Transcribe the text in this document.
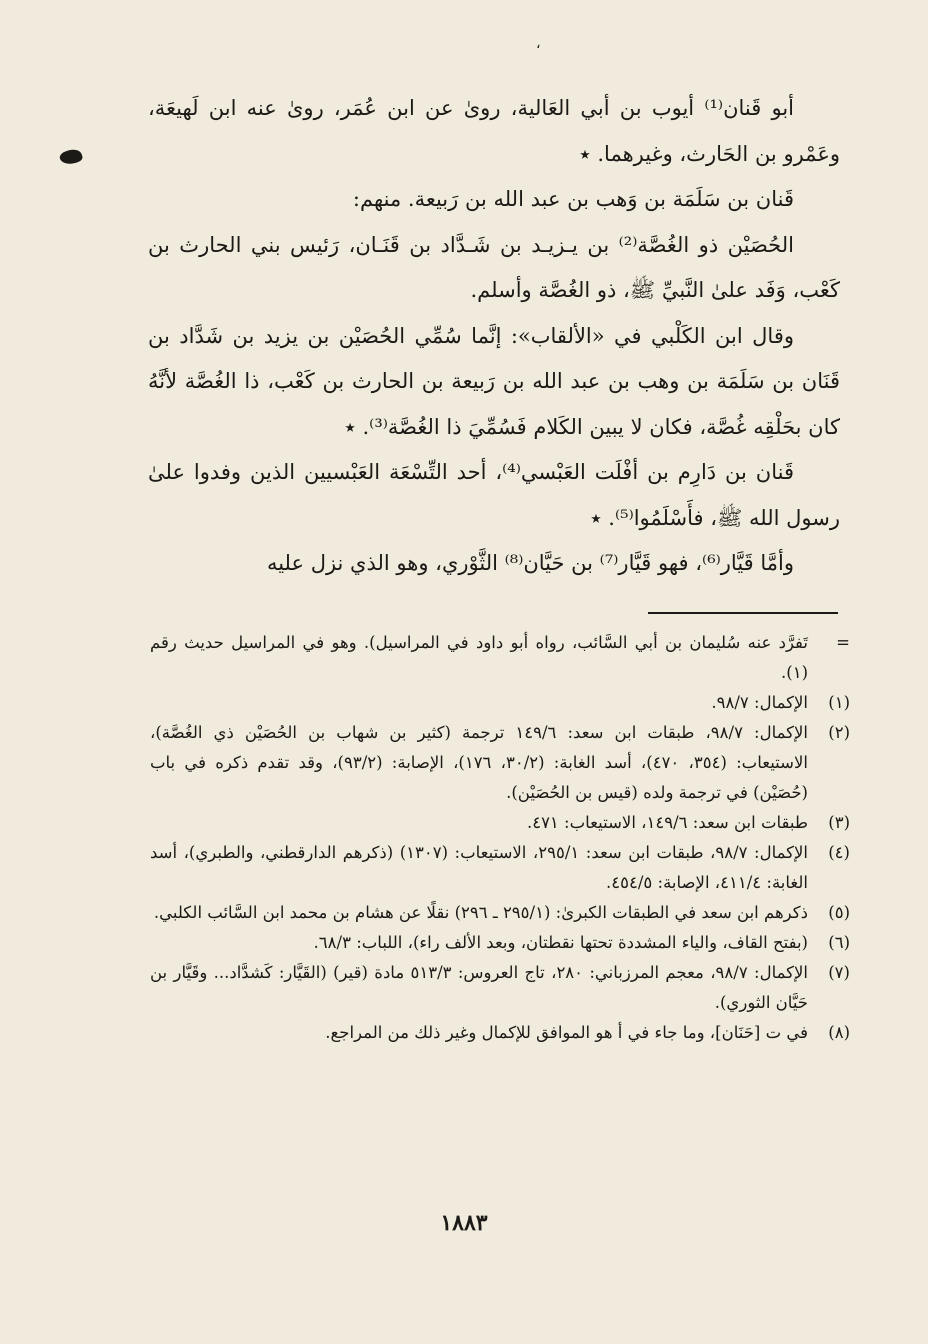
،

أبو قَنان⁽¹⁾ أيوب بن أبي العَالية، روىٰ عن ابن عُمَر، روىٰ عنه ابن لَهيعَة، وعَمْرو بن الحَارث، وغيرهما. ٭

قَنان بن سَلَمَة بن وَهب بن عبد الله بن رَبيعة. منهم:

الحُصَيْن ذو الغُصَّة⁽²⁾ بن يـزيـد بن شَـدَّاد بن قَنَـان، رَئيس بني الحارث بن كَعْب، وَفَد علىٰ النَّبيِّ ﷺ، ذو الغُصَّة وأسلم.

وقال ابن الكَلْبي في «الألقاب»: إنَّما سُمِّي الحُصَيْن بن يزيد بن شَدَّاد بن قَنَان بن سَلَمَة بن وهب بن عبد الله بن رَبيعة بن الحارث بن كَعْب، ذا الغُصَّة لأنَّهُ كان بحَلْقِه غُصَّة، فكان لا يبين الكَلام فَسُمِّيَ ذا الغُصَّة⁽³⁾. ٭

قَنان بن دَارِم بن أفْلَت العَبْسي⁽⁴⁾، أحد التِّسْعَة العَبْسيين الذين وفدوا علىٰ رسول الله ﷺ، فأَسْلَمُوا⁽⁵⁾. ٭

وأمَّا قَيَّار⁽⁶⁾، فهو قَيَّار⁽⁷⁾ بن حَيَّان⁽⁸⁾ الثَّوْري، وهو الذي نزل عليه

=تَفرَّد عنه سُليمان بن أبي السَّائب، رواه أبو داود في المراسيل). وهو في المراسيل حديث رقم (١).

(١)الإكمال: ٩٨/٧.

(٢)الإكمال: ٩٨/٧، طبقات ابن سعد: ١٤٩/٦ ترجمة (كثير بن شهاب بن الحُصَيْن ذي الغُصَّة)، الاستيعاب: (٣٥٤، ٤٧٠)، أسد الغابة: (٣٠/٢، ١٧٦)، الإصابة: (٩٣/٢)، وقد تقدم ذكره في باب (حُصَيْن) في ترجمة ولده (قيس بن الحُصَيْن).

(٣)طبقات ابن سعد: ١٤٩/٦، الاستيعاب: ٤٧١.

(٤)الإكمال: ٩٨/٧، طبقات ابن سعد: ٢٩٥/١، الاستيعاب: (١٣٠٧) (ذكرهم الدارقطني، والطبري)، أسد الغابة: ٤١١/٤، الإصابة: ٤٥٤/٥.

(٥)ذكرهم ابن سعد في الطبقات الكبرىٰ: (٢٩٥/١ ـ ٢٩٦) نقلًا عن هشام بن محمد ابن السَّائب الكلبي.

(٦)(بفتح القاف، والياء المشددة تحتها نقطتان، وبعد الألف راء)، اللباب: ٦٨/٣.

(٧)الإكمال: ٩٨/٧، معجم المرزباني: ٢٨٠، تاج العروس: ٥١٣/٣ مادة (قير) (القَيَّار: كَشدَّاد... وقَيَّار بن حَيَّان الثوري).

(٨)في ت [حَنَان]، وما جاء في أ هو الموافق للإكمال وغير ذلك من المراجع.

١٨٨٣
